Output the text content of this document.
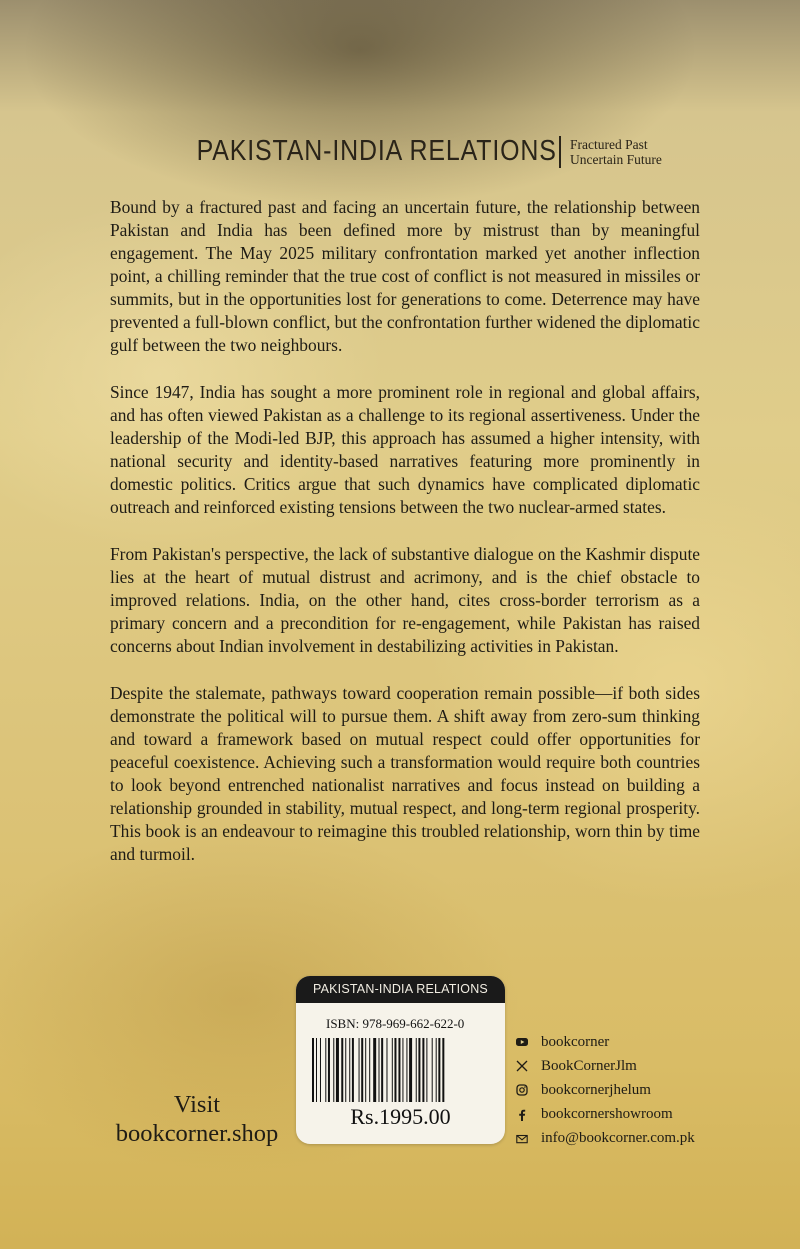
PAKISTAN-INDIA RELATIONS Fractured Past
Uncertain Future

Bound by a fractured past and facing an uncertain future, the relationship between Pakistan and India has been defined more by mistrust than by meaningful engagement. The May 2025 military confrontation marked yet another inflection point, a chilling reminder that the true cost of conflict is not measured in missiles or summits, but in the opportunities lost for generations to come. Deterrence may have prevented a full-blown conflict, but the confrontation further widened the diplomatic gulf between the two neighbours.

Since 1947, India has sought a more prominent role in regional and global affairs, and has often viewed Pakistan as a challenge to its regional assertiveness. Under the leadership of the Modi-led BJP, this approach has assumed a higher intensity, with national security and identity-based narratives featuring more prominently in domestic politics. Critics argue that such dynamics have complicated diplomatic outreach and reinforced existing tensions between the two nuclear-armed states.

From Pakistan's perspective, the lack of substantive dialogue on the Kashmir dispute lies at the heart of mutual distrust and acrimony, and is the chief obstacle to improved relations. India, on the other hand, cites cross-border terrorism as a primary concern and a precondition for re-engagement, while Pakistan has raised concerns about Indian involvement in destabilizing activities in Pakistan.

Despite the stalemate, pathways toward cooperation remain possible—if both sides demonstrate the political will to pursue them. A shift away from zero-sum thinking and toward a framework based on mutual respect could offer opportunities for peaceful coexistence. Achieving such a transformation would require both countries to look beyond entrenched nationalist narratives and focus instead on building a relationship grounded in stability, mutual respect, and long-term regional prosperity. This book is an endeavour to reimagine this troubled relationship, worn thin by time and turmoil.

PAKISTAN-INDIA RELATIONS
ISBN: 978-969-662-622-0
Rs.1995.00
Visit
bookcorner.shop
bookcorner
BookCornerJlm
bookcornerjhelum
bookcornershowroom
info@bookcorner.com.pk
